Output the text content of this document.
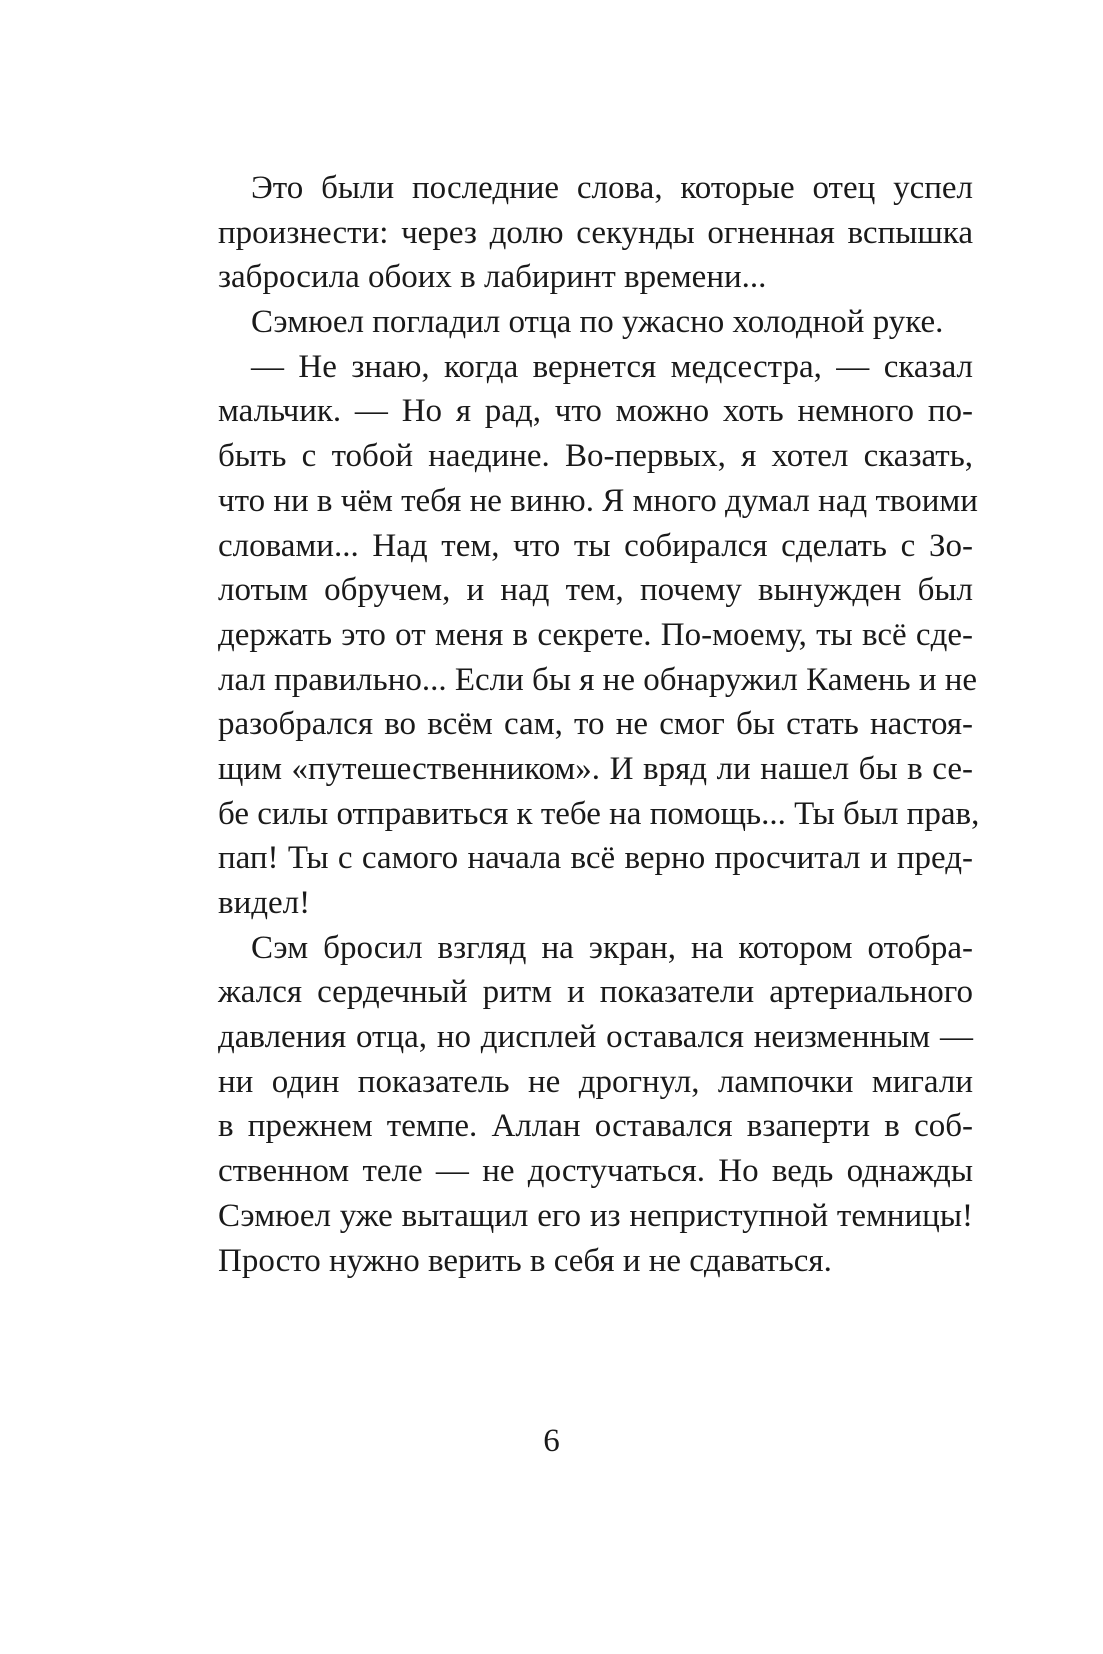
Это были последние слова, которые отец успел
произнести: через долю секунды огненная вспышка
забросила обоих в лабиринт времени...
Сэмюел погладил отца по ужасно холодной руке.
— Не знаю, когда вернется медсестра, — сказал
мальчик. — Но я рад, что можно хоть немного по-
быть с тобой наедине. Во-первых, я хотел сказать,
что ни в чём тебя не виню. Я много думал над твоими
словами... Над тем, что ты собирался сделать с Зо-
лотым обручем, и над тем, почему вынужден был
держать это от меня в секрете. По-моему, ты всё сде-
лал правильно... Если бы я не обнаружил Камень и не
разобрался во всём сам, то не смог бы стать настоя-
щим «путешественником». И вряд ли нашел бы в се-
бе силы отправиться к тебе на помощь... Ты был прав,
пап! Ты с самого начала всё верно просчитал и пред-
видел!
Сэм бросил взгляд на экран, на котором отобра-
жался сердечный ритм и показатели артериального
давления отца, но дисплей оставался неизменным —
ни один показатель не дрогнул, лампочки мигали
в прежнем темпе. Аллан оставался взаперти в соб-
ственном теле — не достучаться. Но ведь однажды
Сэмюел уже вытащил его из неприступной темницы!
Просто нужно верить в себя и не сдаваться.
6
